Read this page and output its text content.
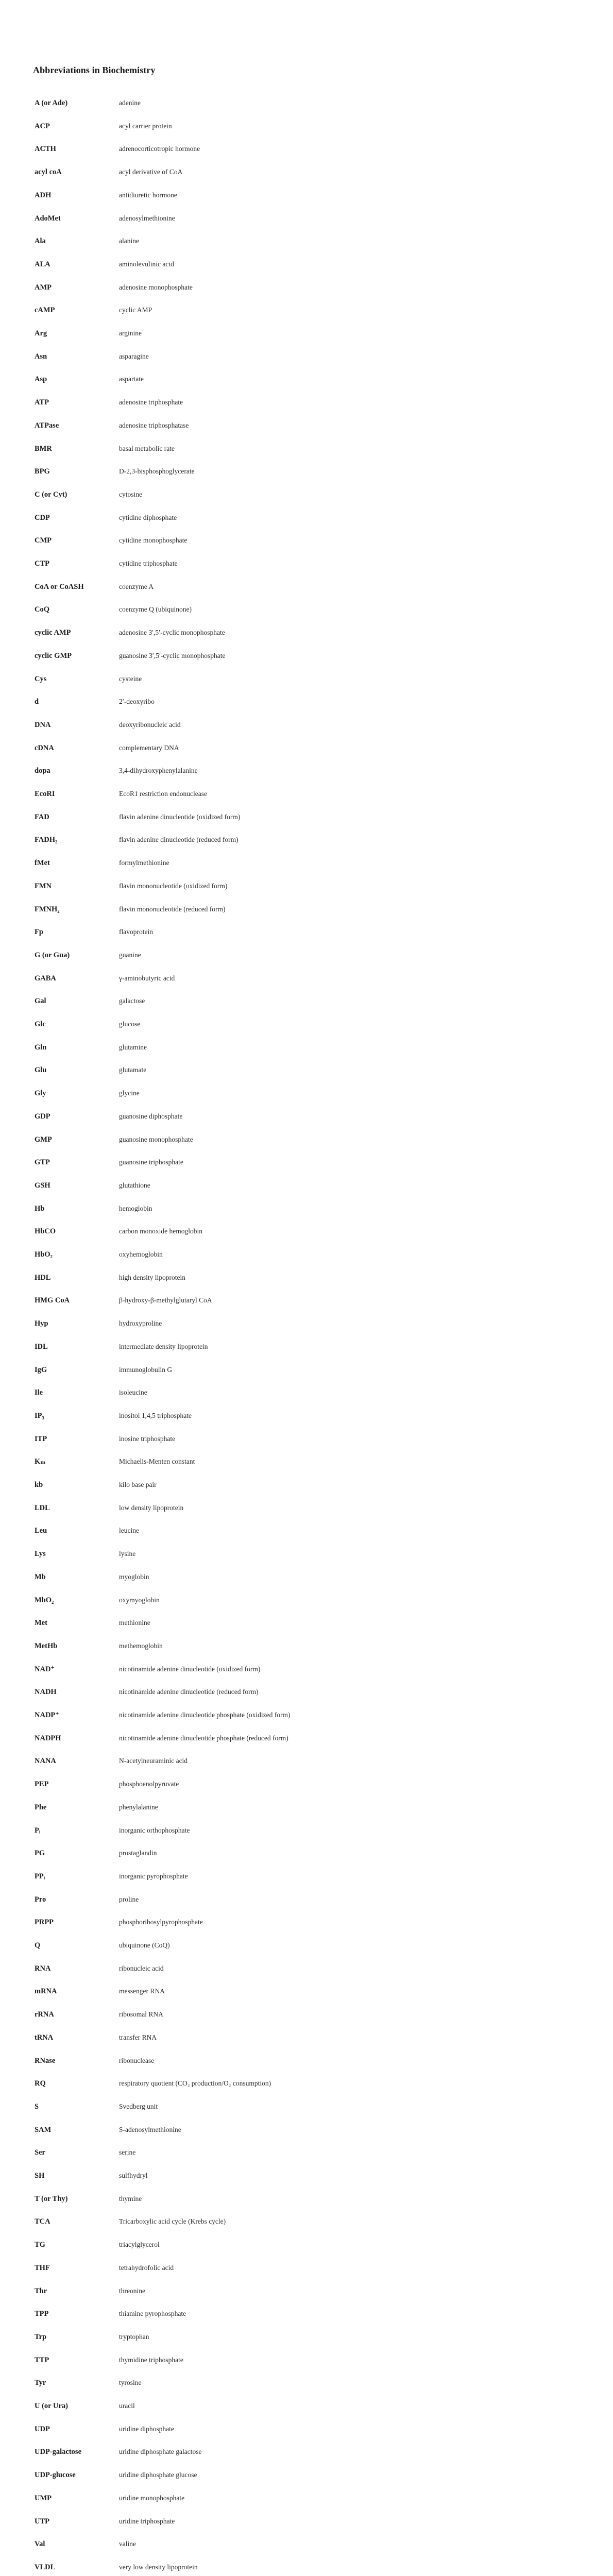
Abbreviations in Biochemistry
A (or Ade)	adenine
ACP	acyl carrier protein
ACTH	adrenocorticotropic hormone
acyl coA	acyl derivative of CoA
ADH	antidiuretic hormone
AdoMet	adenosylmethionine
Ala	alanine
ALA	aminolevulinic acid
AMP	adenosine monophosphate
cAMP	cyclic AMP
Arg	arginine
Asn	asparagine
Asp	aspartate
ATP	adenosine triphosphate
ATPase	adenosine triphosphatase
BMR	basal metabolic rate
BPG	D-2,3-bisphosphoglycerate
C (or Cyt)	cytosine
CDP	cytidine diphosphate
CMP	cytidine monophosphate
CTP	cytidine triphosphate
CoA or CoASH	coenzyme A
CoQ	coenzyme Q (ubiquinone)
cyclic AMP	adenosine 3′,5′-cyclic monophosphate
cyclic GMP	guanosine 3′,5′-cyclic monophosphate
Cys	cysteine
d	2′-deoxyribo
DNA	deoxyribonucleic acid
cDNA	complementary DNA
dopa	3,4-dihydroxyphenylalanine
EcoRI	EcoR1 restriction endonuclease
FAD	flavin adenine dinucleotide (oxidized form)
FADH₂	flavin adenine dinucleotide (reduced form)
fMet	formylmethionine
FMN	flavin mononucleotide (oxidized form)
FMNH₂	flavin mononucleotide (reduced form)
Fp	flavoprotein
G (or Gua)	guanine
GABA	γ-aminobutyric acid
Gal	galactose
Glc	glucose
Gln	glutamine
Glu	glutamate
Gly	glycine
GDP	guanosine diphosphate
GMP	guanosine monophosphate
GTP	guanosine triphosphate
GSH	glutathione
Hb	hemoglobin
HbCO	carbon monoxide hemoglobin
HbO₂	oxyhemoglobin
HDL	high density lipoprotein
HMG CoA	β-hydroxy-β-methylglutaryl CoA
Hyp	hydroxyproline
IDL	intermediate density lipoprotein
IgG	immunoglobulin G
Ile	isoleucine
IP₃	inositol 1,4,5 triphosphate
ITP	inosine triphosphate
Kₘ	Michaelis-Menten constant
kb	kilo base pair
LDL	low density lipoprotein
Leu	leucine
Lys	lysine
Mb	myoglobin
MbO₂	oxymyoglobin
Met	methionine
MetHb	methemoglobin
NAD⁺	nicotinamide adenine dinucleotide (oxidized form)
NADH	nicotinamide adenine dinucleotide (reduced form)
NADP⁺	nicotinamide adenine dinucleotide phosphate (oxidized form)
NADPH	nicotinamide adenine dinucleotide phosphate (reduced form)
NANA	N-acetylneuraminic acid
PEP	phosphoenolpyruvate
Phe	phenylalanine
Pᵢ	inorganic orthophosphate
PG	prostaglandin
PPᵢ	inorganic pyrophosphate
Pro	proline
PRPP	phosphoribosylpyrophosphate
Q	ubiquinone (CoQ)
RNA	ribonucleic acid
mRNA	messenger RNA
rRNA	ribosomal RNA
tRNA	transfer RNA
RNase	ribonuclease
RQ	respiratory quotient (CO₂ production/O₂ consumption)
S	Svedberg unit
SAM	S-adenosylmethionine
Ser	serine
SH	sulfhydryl
T (or Thy)	thymine
TCA	Tricarboxylic acid cycle (Krebs cycle)
TG	triacylglycerol
THF	tetrahydrofolic acid
Thr	threonine
TPP	thiamine pyrophosphate
Trp	tryptophan
TTP	thymidine triphosphate
Tyr	tyrosine
U (or Ura)	uracil
UDP	uridine diphosphate
UDP-galactose	uridine diphosphate galactose
UDP-glucose	uridine diphosphate glucose
UMP	uridine monophosphate
UTP	uridine triphosphate
Val	valine
VLDL	very low density lipoprotein
